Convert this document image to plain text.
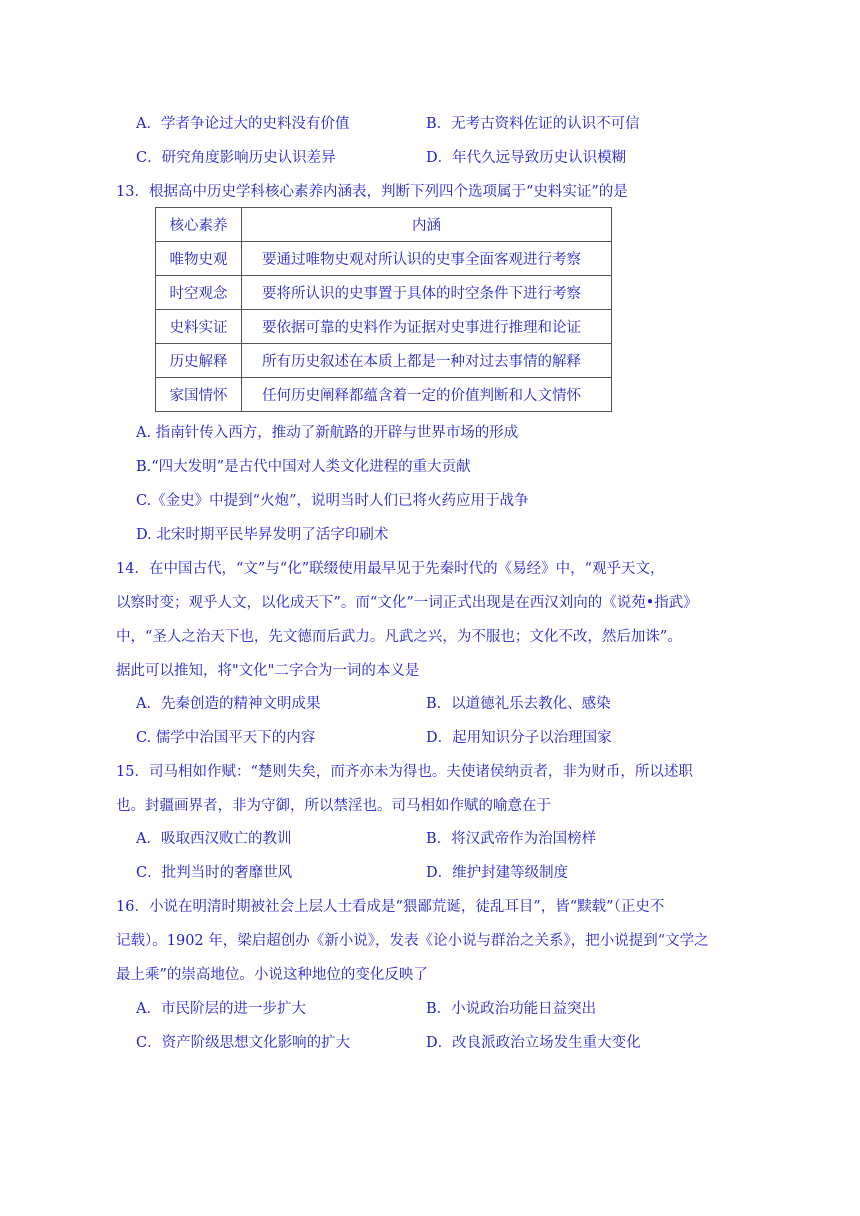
A．学者争论过大的史料没有价值	B．无考古资料佐证的认识不可信
C．研究角度影响历史认识差异	D．年代久远导致历史认识模糊
13．根据高中历史学科核心素养内涵表，判断下列四个选项属于“史料实证”的是
核心素养	内涵
唯物史观	要通过唯物史观对所认识的史事全面客观进行考察
时空观念	要将所认识的史事置于具体的时空条件下进行考察
史料实证	要依据可靠的史料作为证据对史事进行推理和论证
历史解释	所有历史叙述在本质上都是一种对过去事情的解释
家国情怀	任何历史阐释都蕴含着一定的价值判断和人文情怀
A. 指南针传入西方，推动了新航路的开辟与世界市场的形成
B.“四大发明”是古代中国对人类文化进程的重大贡献
C.《金史》中提到“火炮”，说明当时人们已将火药应用于战争
D. 北宋时期平民毕昇发明了活字印刷术
14．在中国古代，“文”与“化”联缀使用最早见于先秦时代的《易经》中，“观乎天文，
以察时变；观乎人文，以化成天下”。而“文化”一词正式出现是在西汉刘向的《说苑•指武》
中，“圣人之治天下也，先文德而后武力。凡武之兴，为不服也；文化不改，然后加诛”。
据此可以推知，将"文化"二字合为一词的本义是
A．先秦创造的精神文明成果	B．以道德礼乐去教化、感染
C. 儒学中治国平天下的内容	D．起用知识分子以治理国家
15．司马相如作赋：“楚则失矣，而齐亦未为得也。夫使诸侯纳贡者，非为财币，所以述职
也。封疆画界者，非为守御，所以禁淫也。司马相如作赋的喻意在于
A．吸取西汉败亡的教训	B．将汉武帝作为治国榜样
C．批判当时的奢靡世风	D．维护封建等级制度
16．小说在明清时期被社会上层人士看成是“猥鄙荒诞，徒乱耳目”，皆“黩载”（正史不
记载）。1902 年，梁启超创办《新小说》，发表《论小说与群治之关系》，把小说提到“文学之
最上乘”的崇高地位。小说这种地位的变化反映了
A．市民阶层的进一步扩大	B．小说政治功能日益突出
C．资产阶级思想文化影响的扩大	D．改良派政治立场发生重大变化
